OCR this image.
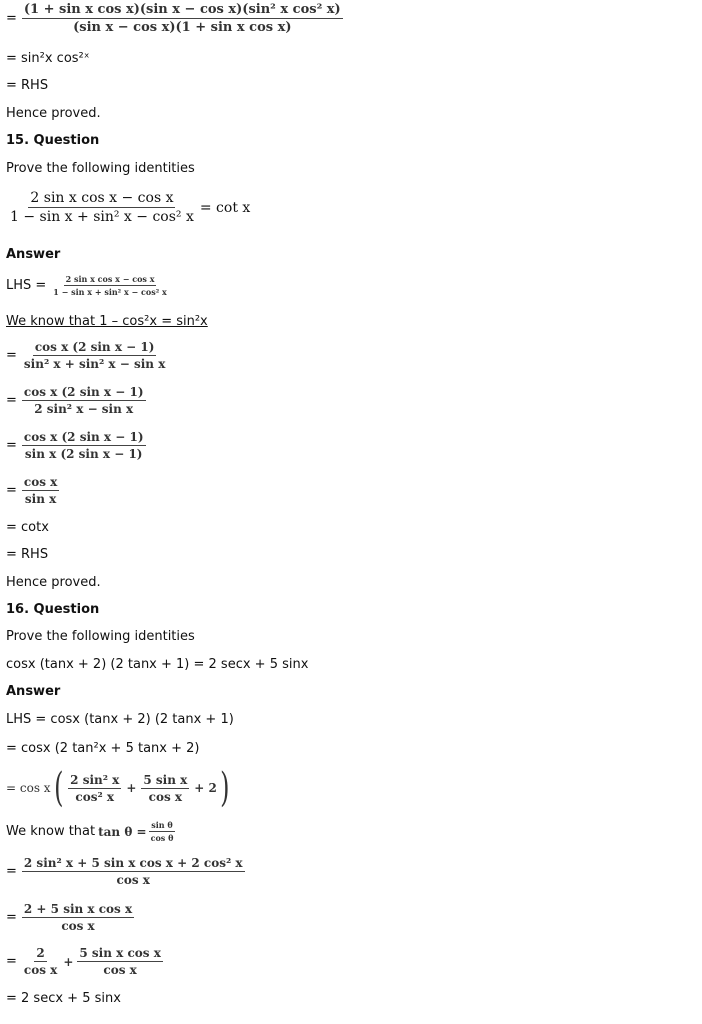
= $\frac{\text{(1 + sin x cos x)(sin x − cos x)(sin² x cos² x)}}{\text{(sin x − cos x)(1 + sin x cos x)}}$
= sin²x cos²ˣ
= RHS
Hence proved.
15. Question
Prove the following identities
$\frac{\text{2 sin x cos x − cos x}}{\text{1 − sin x + sin² x − cos² x}} = \cot x$
Answer
LHS = $\frac{\text{2 sin x cos x − cos x}}{\text{1 − sin x + sin² x − cos² x}}$
We know that 1 – cos²x = sin²x
= $\frac{\text{cos x (2 sin x − 1)}}{\text{sin² x + sin² x − sin x}}$
= $\frac{\text{cos x (2 sin x − 1)}}{\text{2 sin² x − sin x}}$
= $\frac{\text{cos x (2 sin x − 1)}}{\text{sin x (2 sin x − 1)}}$
= $\frac{\text{cos x}}{\text{sin x}}$
= cotx
= RHS
Hence proved.
16. Question
Prove the following identities
cosx (tanx + 2) (2 tanx + 1) = 2 secx + 5 sinx
Answer
LHS = cosx (tanx + 2) (2 tanx + 1)
= cosx (2 tan²x + 5 tanx + 2)
= cos x ( $\frac{\text{2 sin² x}}{\text{cos² x}} + \frac{\text{5 sin x}}{\text{cos x}} + 2$ )
We know that $\tan \theta = \frac{\text{sin θ}}{\text{cos θ}}$
= $\frac{\text{2 sin² x + 5 sin x cos x + 2 cos² x}}{\text{cos x}}$
= $\frac{\text{2 + 5 sin x cos x}}{\text{cos x}}$
= $\frac{2}{\text{cos x}} + \frac{\text{5 sin x cos x}}{\text{cos x}}$
= 2 secx + 5 sinx
